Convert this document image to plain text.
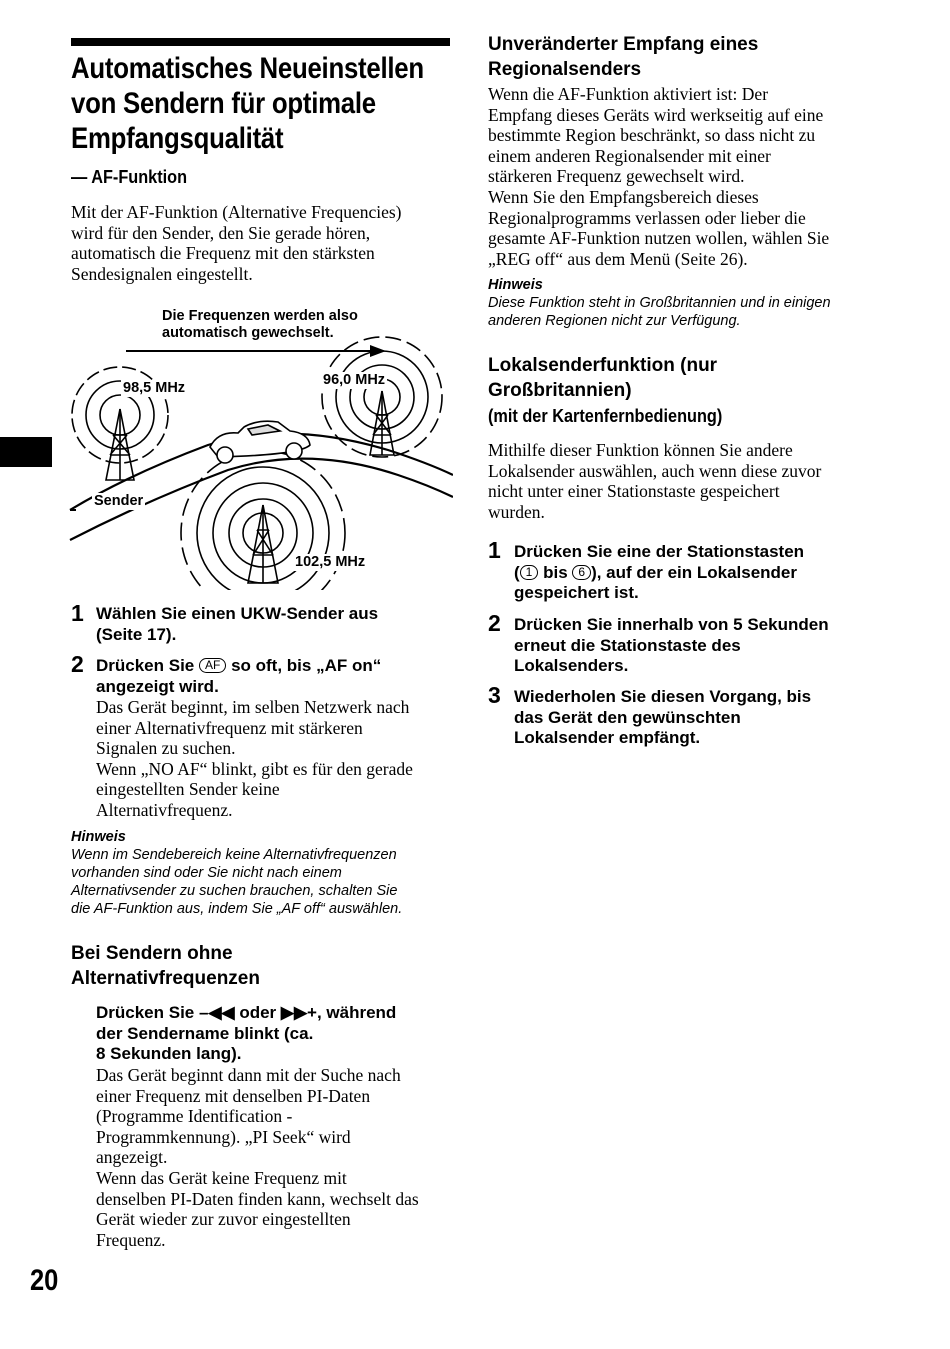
Automatisches Neueinstellen
von Sendern für optimale
Empfangsqualität
— AF-Funktion
Mit der AF-Funktion (Alternative Frequencies)
wird für den Sender, den Sie gerade hören,
automatisch die Frequenz mit den stärksten
Sendesignalen eingestellt.
Die Frequenzen werden also
automatisch gewechselt.
98,5 MHz	96,0 MHz
Sender
102,5 MHz
1 Wählen Sie einen UKW-Sender aus
(Seite 17).
2 Drücken Sie AF so oft, bis „AF on“
angezeigt wird.
Das Gerät beginnt, im selben Netzwerk nach
einer Alternativfrequenz mit stärkeren
Signalen zu suchen.
Wenn „NO AF“ blinkt, gibt es für den gerade
eingestellten Sender keine
Alternativfrequenz.
Hinweis
Wenn im Sendebereich keine Alternativfrequenzen
vorhanden sind oder Sie nicht nach einem
Alternativsender zu suchen brauchen, schalten Sie
die AF-Funktion aus, indem Sie „AF off“ auswählen.
Bei Sendern ohne
Alternativfrequenzen
Drücken Sie –◀◀ oder ▶▶+, während
der Sendername blinkt (ca.
8 Sekunden lang).
Das Gerät beginnt dann mit der Suche nach
einer Frequenz mit denselben PI-Daten
(Programme Identification -
Programmkennung). „PI Seek“ wird
angezeigt.
Wenn das Gerät keine Frequenz mit
denselben PI-Daten finden kann, wechselt das
Gerät wieder zur zuvor eingestellten
Frequenz.
20
Unveränderter Empfang eines
Regionalsenders
Wenn die AF-Funktion aktiviert ist: Der
Empfang dieses Geräts wird werkseitig auf eine
bestimmte Region beschränkt, so dass nicht zu
einem anderen Regionalsender mit einer
stärkeren Frequenz gewechselt wird.
Wenn Sie den Empfangsbereich dieses
Regionalprogramms verlassen oder lieber die
gesamte AF-Funktion nutzen wollen, wählen Sie
„REG off“ aus dem Menü (Seite 26).
Hinweis
Diese Funktion steht in Großbritannien und in einigen
anderen Regionen nicht zur Verfügung.
Lokalsenderfunktion (nur
Großbritannien)
(mit der Kartenfernbedienung)
Mithilfe dieser Funktion können Sie andere
Lokalsender auswählen, auch wenn diese zuvor
nicht unter einer Stationstaste gespeichert
wurden.
1 Drücken Sie eine der Stationstasten
( 1 bis 6 ), auf der ein Lokalsender
gespeichert ist.
2 Drücken Sie innerhalb von 5 Sekunden
erneut die Stationstaste des
Lokalsenders.
3 Wiederholen Sie diesen Vorgang, bis
das Gerät den gewünschten
Lokalsender empfängt.
